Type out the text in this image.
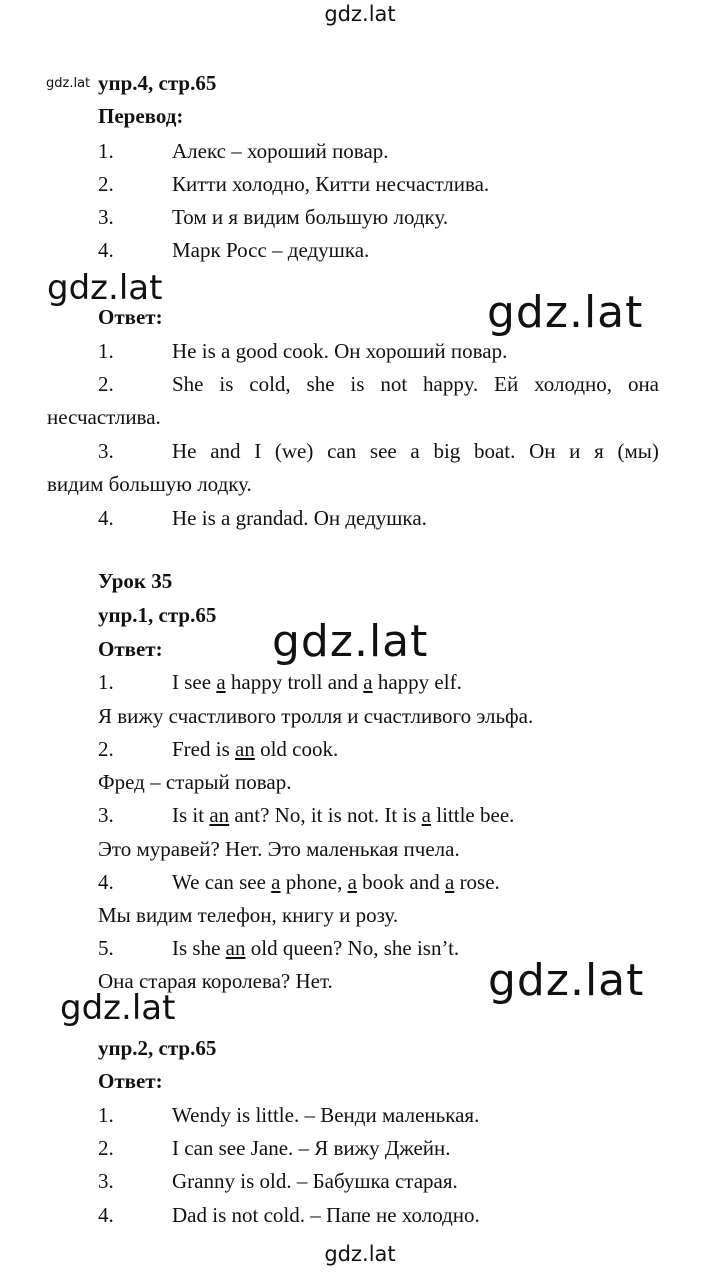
gdz.lat
gdz.lat
gdz.lat	gdz.lat
gdz.lat
gdz.lat
gdz.lat
gdz.lat
упр.4, стр.65
Перевод:
1.	Алекс – хороший повар.
2.	Китти холодно, Китти несчастлива.
3.	Том и я видим большую лодку.
4.	Марк Росс – дедушка.
Ответ:
1.	He is a good cook. Он хороший повар.
2.	She is cold, she is not happy. Ей холодно, она
несчастлива.
3.	He and I (we) can see a big boat. Он и я (мы)
видим большую лодку.
4.	He is a grandad. Он дедушка.
Урок 35
упр.1, стр.65
Ответ:
1.	I see a happy troll and a happy elf.
Я вижу счастливого тролля и счастливого эльфа.
2.	Fred is an old cook.
Фред – старый повар.
3.	Is it an ant? No, it is not. It is a little bee.
Это муравей? Нет. Это маленькая пчела.
4.	We can see a phone, a book and a rose.
Мы видим телефон, книгу и розу.
5.	Is she an old queen? No, she isn’t.
Она старая королева? Нет.
упр.2, стр.65
Ответ:
1.	Wendy is little. – Венди маленькая.
2.	I can see Jane. – Я вижу Джейн.
3.	Granny is old. – Бабушка старая.
4.	Dad is not cold. – Папе не холодно.
